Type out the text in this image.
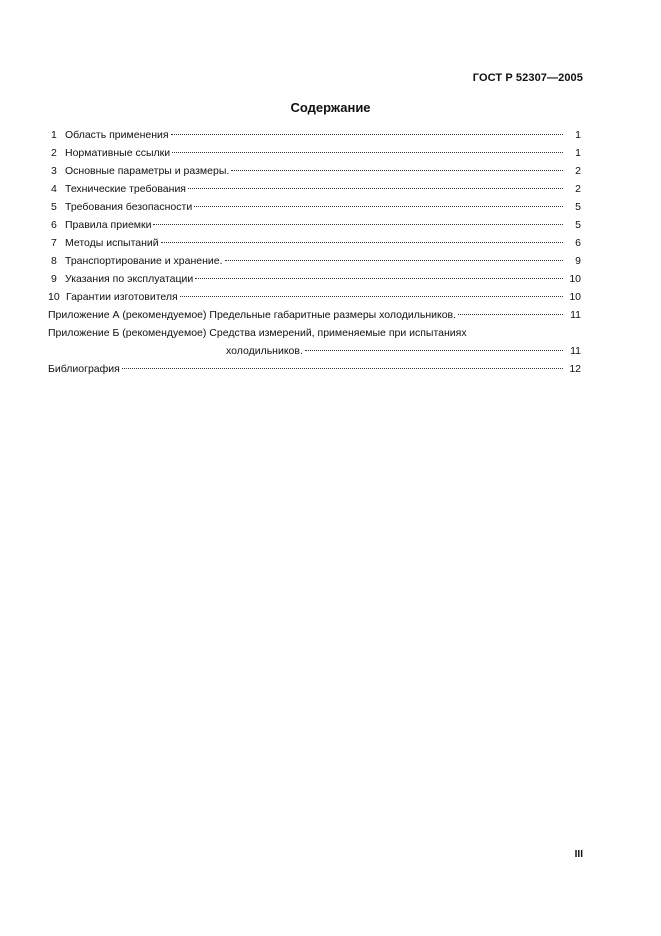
ГОСТ Р 52307—2005
Содержание
1 Область применения	1
2 Нормативные ссылки	1
3 Основные параметры и размеры.	2
4 Технические требования	2
5 Требования безопасности	5
6 Правила приемки	5
7 Методы испытаний	6
8 Транспортирование и хранение.	9
9 Указания по эксплуатации	10
10 Гарантии изготовителя	10
Приложение А (рекомендуемое) Предельные габаритные размеры холодильников.	11
Приложение Б (рекомендуемое) Средства измерений, применяемые при испытаниях
холодильников.	11
Библиография	12
III
